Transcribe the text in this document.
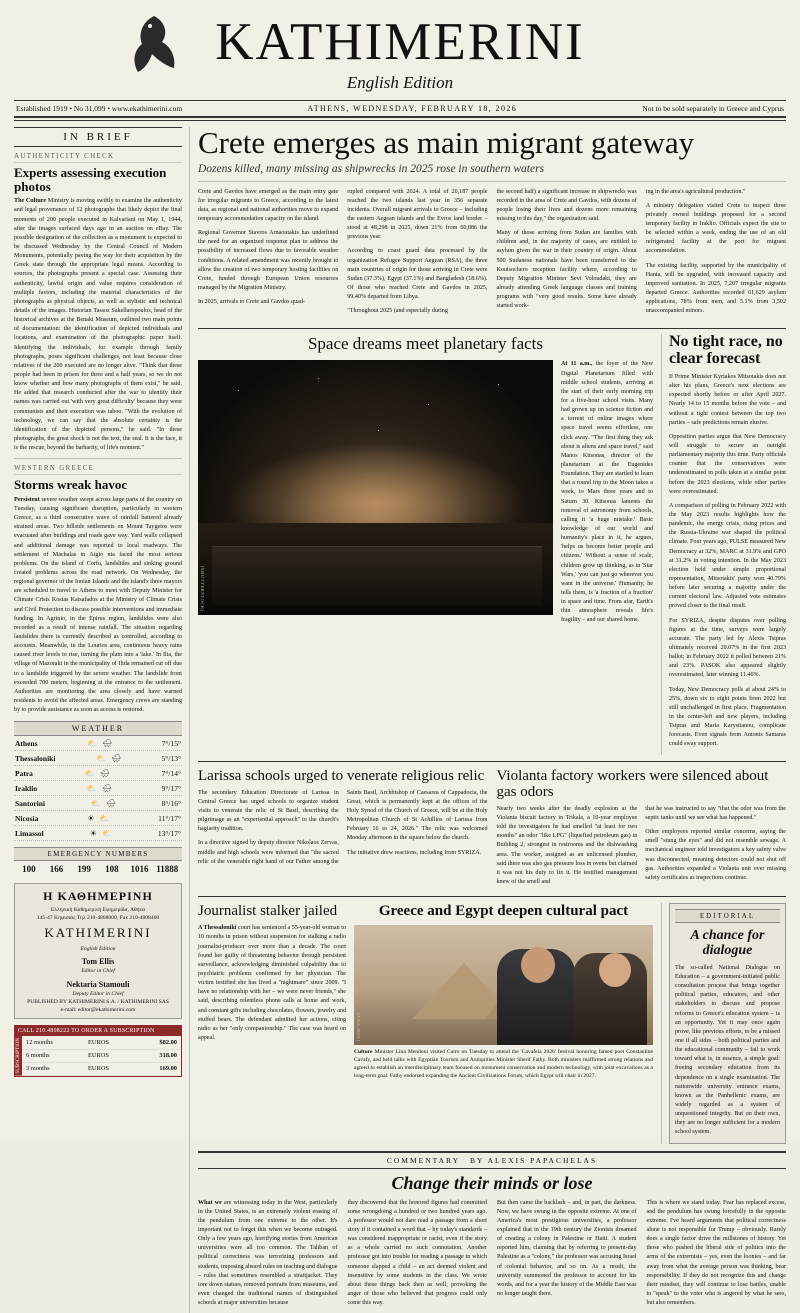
KATHIMERINI
English Edition
Established 1919 • No 31,099 • www.ekathimerini.com	ATHENS, WEDNESDAY, FEBRUARY 18, 2026	Not to be sold separately in Greece and Cyprus
IN BRIEF
AUTHENTICITY CHECK
Experts assessing execution photos
The Culture Ministry is moving swiftly to examine the authenticity and legal provenance of 12 photographs that likely depict the final moments of 200 people executed in Kalvariani on May 1, 1944, after the images surfaced days ago in an auction on eBay. The possible designation of the collection as a monument is expected to be discussed Wednesday by the Central Council of Modern Monuments, potentially paving the way for their acquisition by the Greek state through the appropriate legal means. According to sources, the photographs present a special case. Assessing their authenticity, lawful origin and value requires consideration of multiple factors, including the material characteristics of the photographs as physical objects, as well as stylistic and technical details of the images. Historian Tassos Sakellaropoulos, head of the historical archives at the Benaki Museum, outlined two main points of documentation: the identification of depicted individuals and locations, and examination of the photographic paper itself. Identifying the individuals, for example through family photographs, poses significant challenges, not least because close relatives of the 200 executed are no longer alive. "Think that these people had been in prison for three and a half years, so we do not know whether and how many photographs of them exist," he said. He added that research conducted after the war to identify their names was carried out 'with very great difficulty' because they were communists and their execution was taboo. "With the evolution of technology, we can say that the absolute certainty is the identification of the depicted persons," he said. "In these photographs, the great shock is not the text, the seal. It is the face, it is the rescue, beyond the barbarity, of life's moment."
WESTERN GREECE
Storms wreak havoc
Persistent severe weather swept across large parts of the country on Tuesday, causing significant disruption, particularly in western Greece, as a third consecutive wave of rainfall battered already strained areas. Two hillside settlements on Mount Taygetos were evacuated after buildings and roads gave way. Yard walls collapsed and additional damage was reported to local roadways. The settlement of Machalas in Aigio nia faced the most serious problems. On the island of Corfu, landslides and sinking ground created problems across the road network. On Wednesday, the regional governor of the Ionian Islands and the island's three mayors are scheduled to travel to Athens to meet with Deputy Minister for Climate Crisis Kostas Katsafados at the Ministry of Climate Crisis and Civil Protection to discuss possible interventions and immediate funding. In Agrinio, in the Epirus region, landslides were also recorded as a result of intense rainfall. The situation regarding landslides there is currently described as controlled, according to accounts. Meanwhile, in the Lourios area, continuous heavy rains caused river levels to rise, turning the plain into a 'lake.' In Ilia, the village of Mazoraki in the municipality of Ilida remained cut off due to a landslide triggered by the severe weather. The landslide front exceeded 700 meters, beginning at the entrance to the settlement. Authorities are monitoring the area closely and have warned residents to avoid the affected areas. Emergency crews are standing by to provide assistance as soon as access is restored.
WEATHER
Athens	⛅ 🌧	7°/15°
Thessaloniki	⛅ 🌧	5°/13°
Patra	⛅ 🌧	7°/14°
Iraklio	⛅ 🌧	9°/17°
Santorini	⛅ 🌧	8°/16°
Nicosia	☀ ⛅	11°/17°
Limassol	☀ ⛅	13°/17°
EMERGENCY NUMBERS
100	166	199	108	1016 11888
Η ΚΑΘΗΜΕΡΙΝΗ
Ελληνική Καθημερινή Εφημερίδα, Αθήνα
145-47 Κηφισιάς Τηλ 210-4808000, Fax 210-4808460
KATHIMERINI
English Edition
Tom Ellis
Editor in Chief
Nektaria Stamouli
Deputy Editor in Chief
PUBLISHED BY KATHIMERINI S.A. / KATHIMERINI SAS
e-mail: editor@ekathimerini.com
CALL 210.4808222 TO ORDER A SUBSCRIPTION
SUBSCRIPTION 12 months	EUROS	$82.00
6 months	EUROS	318.00
3 months	EUROS	169.00
Crete emerges as main migrant gateway
Dozens killed, many missing as shipwrecks in 2025 rose in southern waters

Crete and Gavdos have emerged as the main entry gate for irregular migrants to Greece, according to the latest data, as regional and national authorities move to expand temporary accommodation capacity on the island.

Regional Governor Stavros Arnaoutakis has underlined the need for an organized response plan to address the possibility of increased flows due to favorable weather conditions. A related amendment was recently brought to allow the creation of two temporary hosting facilities on Crete, funded through European Union resources managed by the Migration Ministry.

In 2025, arrivals to Crete and Gavdos quad-

rupled compared with 2024. A total of 20,187 people reached the two islands last year in 356 separate incidents. Overall migrant arrivals to Greece – including the eastern Aegean islands and the Evros land border – stood at 48,298 in 2025, down 21% from 60,886 the previous year.

According to coast guard data processed by the organization Refugee Support Aegean (RSA), the three main countries of origin for those arriving in Crete were Sudan (37.3%), Egypt (37.1%) and Bangladesh (18.6%). Of those who reached Crete and Gavdos in 2025, 99.40% departed from Libya.

"Throughout 2025 (and especially during

the second half) a significant increase in shipwrecks was recorded in the area of Crete and Gavdos, with dozens of people losing their lives and dozens more remaining missing to this day," the organization said.

Many of those arriving from Sudan are families with children and, in the majority of cases, are entitled to asylum given the war in their country of origin. About 500 Sudanese nationals have been transferred to the Koutsochero reception facility where, according to Deputy Migration Minister Sevi Voloudaki, they are already attending Greek language classes and training programs with "very good results. Some have already started work-

ing in the area's agricultural production."

A ministry delegation visited Crete to inspect three privately owned buildings proposed for a second temporary facility in Iraklio. Officials expect the site to be selected within a week, ending the use of an old refrigerated facility at the port for migrant accommodation.

The existing facility, supported by the municipality of Hania, will be upgraded, with increased capacity and improved sanitation. In 2025, 7,207 irregular migrants departed Greece. Authorities recorded 61,629 asylum applications, 78% from men, and 5.1% from 3,502 unaccompanied minors.

Space dreams meet planetary facts
[SHUTTERSTOCK]
At 11 a.m., the foyer of the New Digital Planetarium filled with middle school students, arriving at the start of their early morning trip for a five-hour school visits. Many had grown up on science fiction and a torrent of online images where space travel seems effortless, one click away. "The first thing they ask about is aliens and space travel," said Manos Kitsonas, director of the planetarium at the Eugenides Foundation. They are startled to learn that a round trip to the Moon takes a week, to Mars three years and to Saturn 30. Kitsonas laments the removal of astronomy from schools, calling it 'a huge mistake.' Basic knowledge of our world and humanity's place in it, he argues, 'helps us become better people and citizens.' Without a sense of scale, children grow up thinking, as in 'Star Wars,' 'you can just go wherever you want in the universe.' Humanity, he tells them, is 'a fraction of a fraction' in space and time. From afar, Earth's thin atmosphere reveals life's fragility – and our shared home.
No tight race, no clear forecast

If Prime Minister Kyriakos Mitsotakis does not alter his plans, Greece's next elections are expected shortly before or after April 2027. Nearly 14 to 15 months before the vote – and without a tight contest between the top two parties – safe predictions remain elusive.

Opposition parties argue that New Democracy will struggle to secure an outright parliamentary majority this time. Party officials counter that the conservatives were underestimated in polls taken at a similar point before the 2023 elections, while other parties were overestimated.

A comparison of polling in February 2022 with the May 2023 results highlights how the pandemic, the energy crisis, rising prices and the Russia-Ukraine war shaped the political climate. Four years ago, PULSE measured New Democracy at 32%, MARC at 31.9% and GPO at 31.2% in voting intention. In the May 2023 election held under simple proportional representation, Mitsotakis' party won 40.79% before later securing a majority under the current electoral law. Adjusted vote estimates proved closer to the final result.

For SYRIZA, despite disputes over polling figures at the time, surveys were largely accurate. The party led by Alexis Tsipras ultimately received 20.07% in the first 2023 ballot; in February 2022 it polled between 21% and 23%. PASOK also appeared slightly overestimated, later winning 11.46%.

Today, New Democracy polls at about 24% to 25%, down six to eight points from 2022 but still unchallenged in first place. Fragmentation in the center-left and new players, including Tsipras and Maria Karystianou, complicate forecasts. Even signals from Antonis Samaras could sway support.

Larissa schools urged to venerate religious relic

The secondary Education Directorate of Larissa in Central Greece has urged schools to organize student visits to venerate the relic of St Basil, describing the pilgrimage as an "experiential approach" to the church's hagiarity tradition.

In a directive signed by deputy director Nikolaos Zervas, middle and high schools were informed that "the sacred relic of the venerable right hand of our Father among the Saints Basil, Archbishop of Caesarea of Cappadocia, the Great, which is permanently kept at the offices of the Holy Synod of the Church of Greece, will be at the Holy Metropolitan Church of St Achillios of Larissa from February 16 to 24, 2026." The relic was welcomed Monday afternoon in the square below the church.

The initiative drew reactions, including from SYRIZA.

Violanta factory workers were silenced about gas odors

Nearly two weeks after the deadly explosion at the Violanta biscuit factory in Trikala, a 10-year employee told the investigators he had smelled "at least for two months" an odor "like LPG" (liquefied petroleum gas) in Building 2, strongest in restrooms and the dishwashing area. The worker, assigned as an unlicensed plumber, said there was also gas pressure loss in ovens but claimed it was not his duty to fix it. He testified management knew of the smell and

that he was instructed to say "that the odor was from the septic tanks until we see what has happened."

Other employees reported similar concerns, saying the smell "stung the eyes" and did not resemble sewage. A mechanical engineer told investigators a key safety valve was disconnected, meaning detectors could not shut off gas. Authorities expanded a Violanta unit over missing safety certificates as inspections continue.

Journalist stalker jailed
A Thessaloniki court has sentenced a 55-year-old woman to 10 months in prison without suspension for stalking a radio journalist-producer over more than a decade. The court found her guilty of threatening behavior through persistent surveillance, acknowledging diminished culpability due to psychiatric problems confirmed by her physician. The victim testified she has lived a "nightmare" since 2009. "I have no relationship with her – we were never friends," she said, describing relentless phone calls at home and work, and constant gifts including chocolates, flowers, jewelry and stuffed bears. The defendant admitted her actions, citing radio as her "only companionship." The case was heard on appeal.
Greece and Egypt deepen cultural pact
[ANA-MPA]
Culture Minister Lina Mendoni visited Cairo on Tuesday to attend the 'Cavafeia 2026' festival honoring famed poet Constantine Cavafy, and held talks with Egyptian Tourism and Antiquities Minister Sherif Fathy. Both ministers reaffirmed strong relations and agreed to establish an interdisciplinary team focused on monument conservation and modern technology, with joint excavations as a long-term goal. Fathy endorsed expanding the Ancient Civilizations Forum, which Egypt will chair in 2027.
EDITORIAL
A chance for dialogue
The so-called National Dialogue on Education – a government-initiated public consultation process that brings together political parties, educators, and other stakeholders to discuss and propose reforms to Greece's education system – is an opportunity. Yet it may once again prove, like previous efforts, to be a missed one if all sides – both political parties and the educational community – fail to work toward what is, in essence, a simple goal: freeing secondary education from its dependence on a single examination. The nationwide university entrance exams, known as the Panhellenic exams, are widely regarded as a system of unquestioned integrity. But on their own, they are no longer sufficient for a modern school system.
COMMENTARY BY ALEXIS PAPACHELAS
Change their minds or lose

What we are witnessing today in the West, particularly in the United States, is an extremely violent erasing of the pendulum from one extreme to the other. It's important not to forget this when we become outraged. Only a few years ago, horrifying stories from American universities were all too common. The Taliban of political correctness was terrorizing professors and students, imposing absurd rules on teaching and dialogue – rules that sometimes resembled a straitjacket. They tore down statues, removed portraits from museums, and even changed the traditional names of distinguished schools at major universities because

they discovered that the honored figures had committed some wrongdoing a hundred or two hundred years ago. A professor would not dare read a passage from a short story if it contained a word that – by today's standards – was considered inappropriate or racist, even if the story as a whole carried no such connotation. Another professor got into trouble for reading a passage in which someone slapped a child – an act deemed violent and insensitive by some students in the class. We wrote about these things back then as well, provoking the anger of those who believed that progress could only come this way.

But then came the backlash – and, in part, the darkness. Now, we have swung in the opposite extreme. At one of America's most prestigious universities, a professor explained that in the 19th century the Zionists dreamed of creating a colony in Palestine or Haiti. A student reported him, claiming that by referring to present-day Palestine as a "colony," the professor was accusing Israel of colonial behavior, and so on. As a result, the university summoned the professor to account for his words, and for a year the history of the Middle East was no longer taught there.

This is where we stand today. Fear has replaced excess, and the pendulum has swung forcefully in the opposite extreme. I've heard arguments that political correctness alone is not responsible for Trump – obviously. Rarely does a single factor drive the millstones of history. Yet those who pushed the liberal side of politics into the arms of the extremists – yes, even the loonies – and far away from what the average person was thinking, bear responsibility. If they do not recognize this and change their mindset, they will continue to lose battles, unable to "speak" to the voter who is angered by what he sees, but also remembers.
